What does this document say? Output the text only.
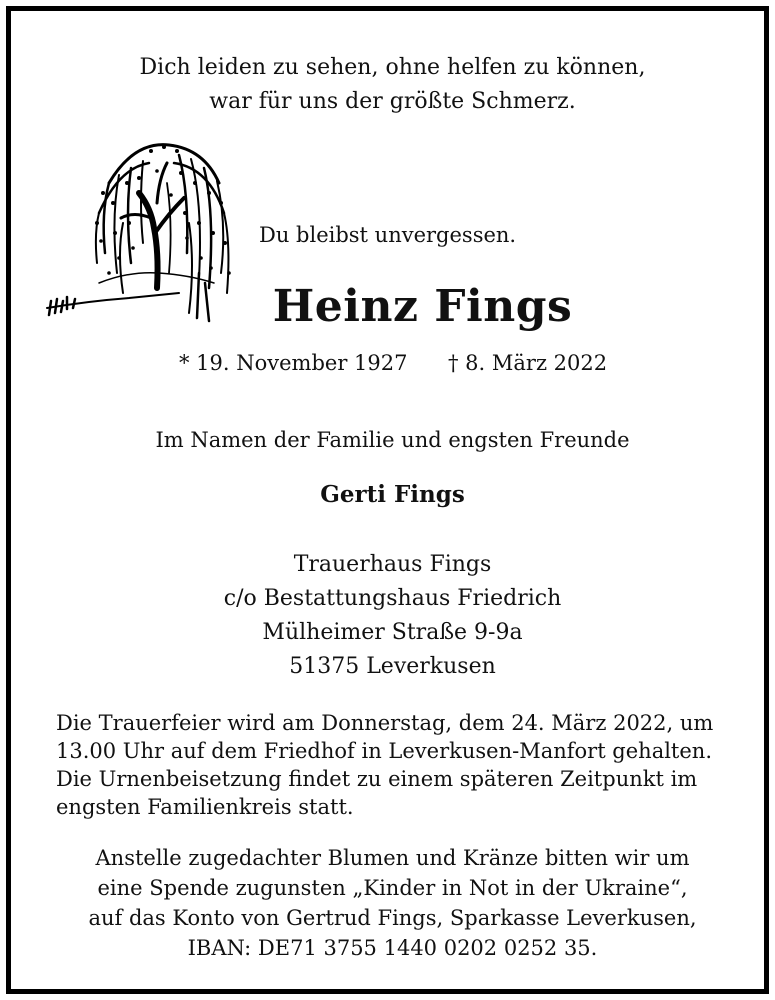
Dich leiden zu sehen, ohne helfen zu können,
war für uns der größte Schmerz.
Du bleibst unvergessen.
Heinz Fings
* 19. November 1927 † 8. März 2022
Im Namen der Familie und engsten Freunde
Gerti Fings
Trauerhaus Fings
c/o Bestattungshaus Friedrich
Mülheimer Straße 9-9a
51375 Leverkusen
Die Trauerfeier wird am Donnerstag, dem 24. März 2022, um
13.00 Uhr auf dem Friedhof in Leverkusen-Manfort gehalten.
Die Urnenbeisetzung findet zu einem späteren Zeitpunkt im
engsten Familienkreis statt.
Anstelle zugedachter Blumen und Kränze bitten wir um
eine Spende zugunsten „Kinder in Not in der Ukraine“,
auf das Konto von Gertrud Fings, Sparkasse Leverkusen,
IBAN: DE71 3755 1440 0202 0252 35.
